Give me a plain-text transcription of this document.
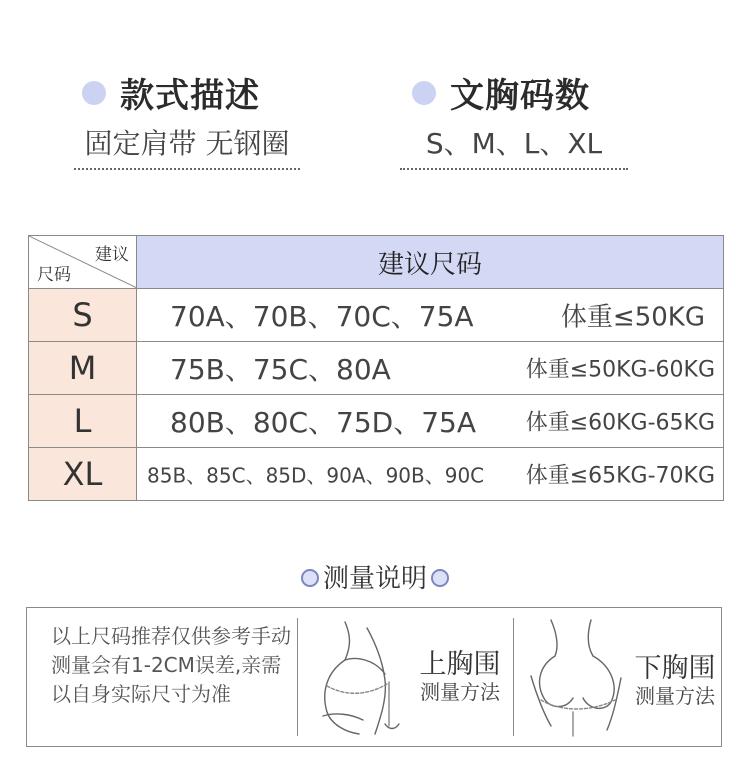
款式描述
固定肩带 无钢圈
文胸码数
S、M、L、XL
建议
尺码	建议尺码
S	70A、70B、70C、75A 体重≤50KG

M	75B、75C、80A 体重≤50KG-60KG

L	80B、80C、75D、75A 体重≤60KG-65KG

XL	85B、85C、85D、90A、90B、90C 体重≤65KG-70KG
测量说明
以上尺码推荐仅供参考手动测量会有1-2CM误差,亲需以自身实际尺寸为准
上胸围
测量方法
下胸围
测量方法
